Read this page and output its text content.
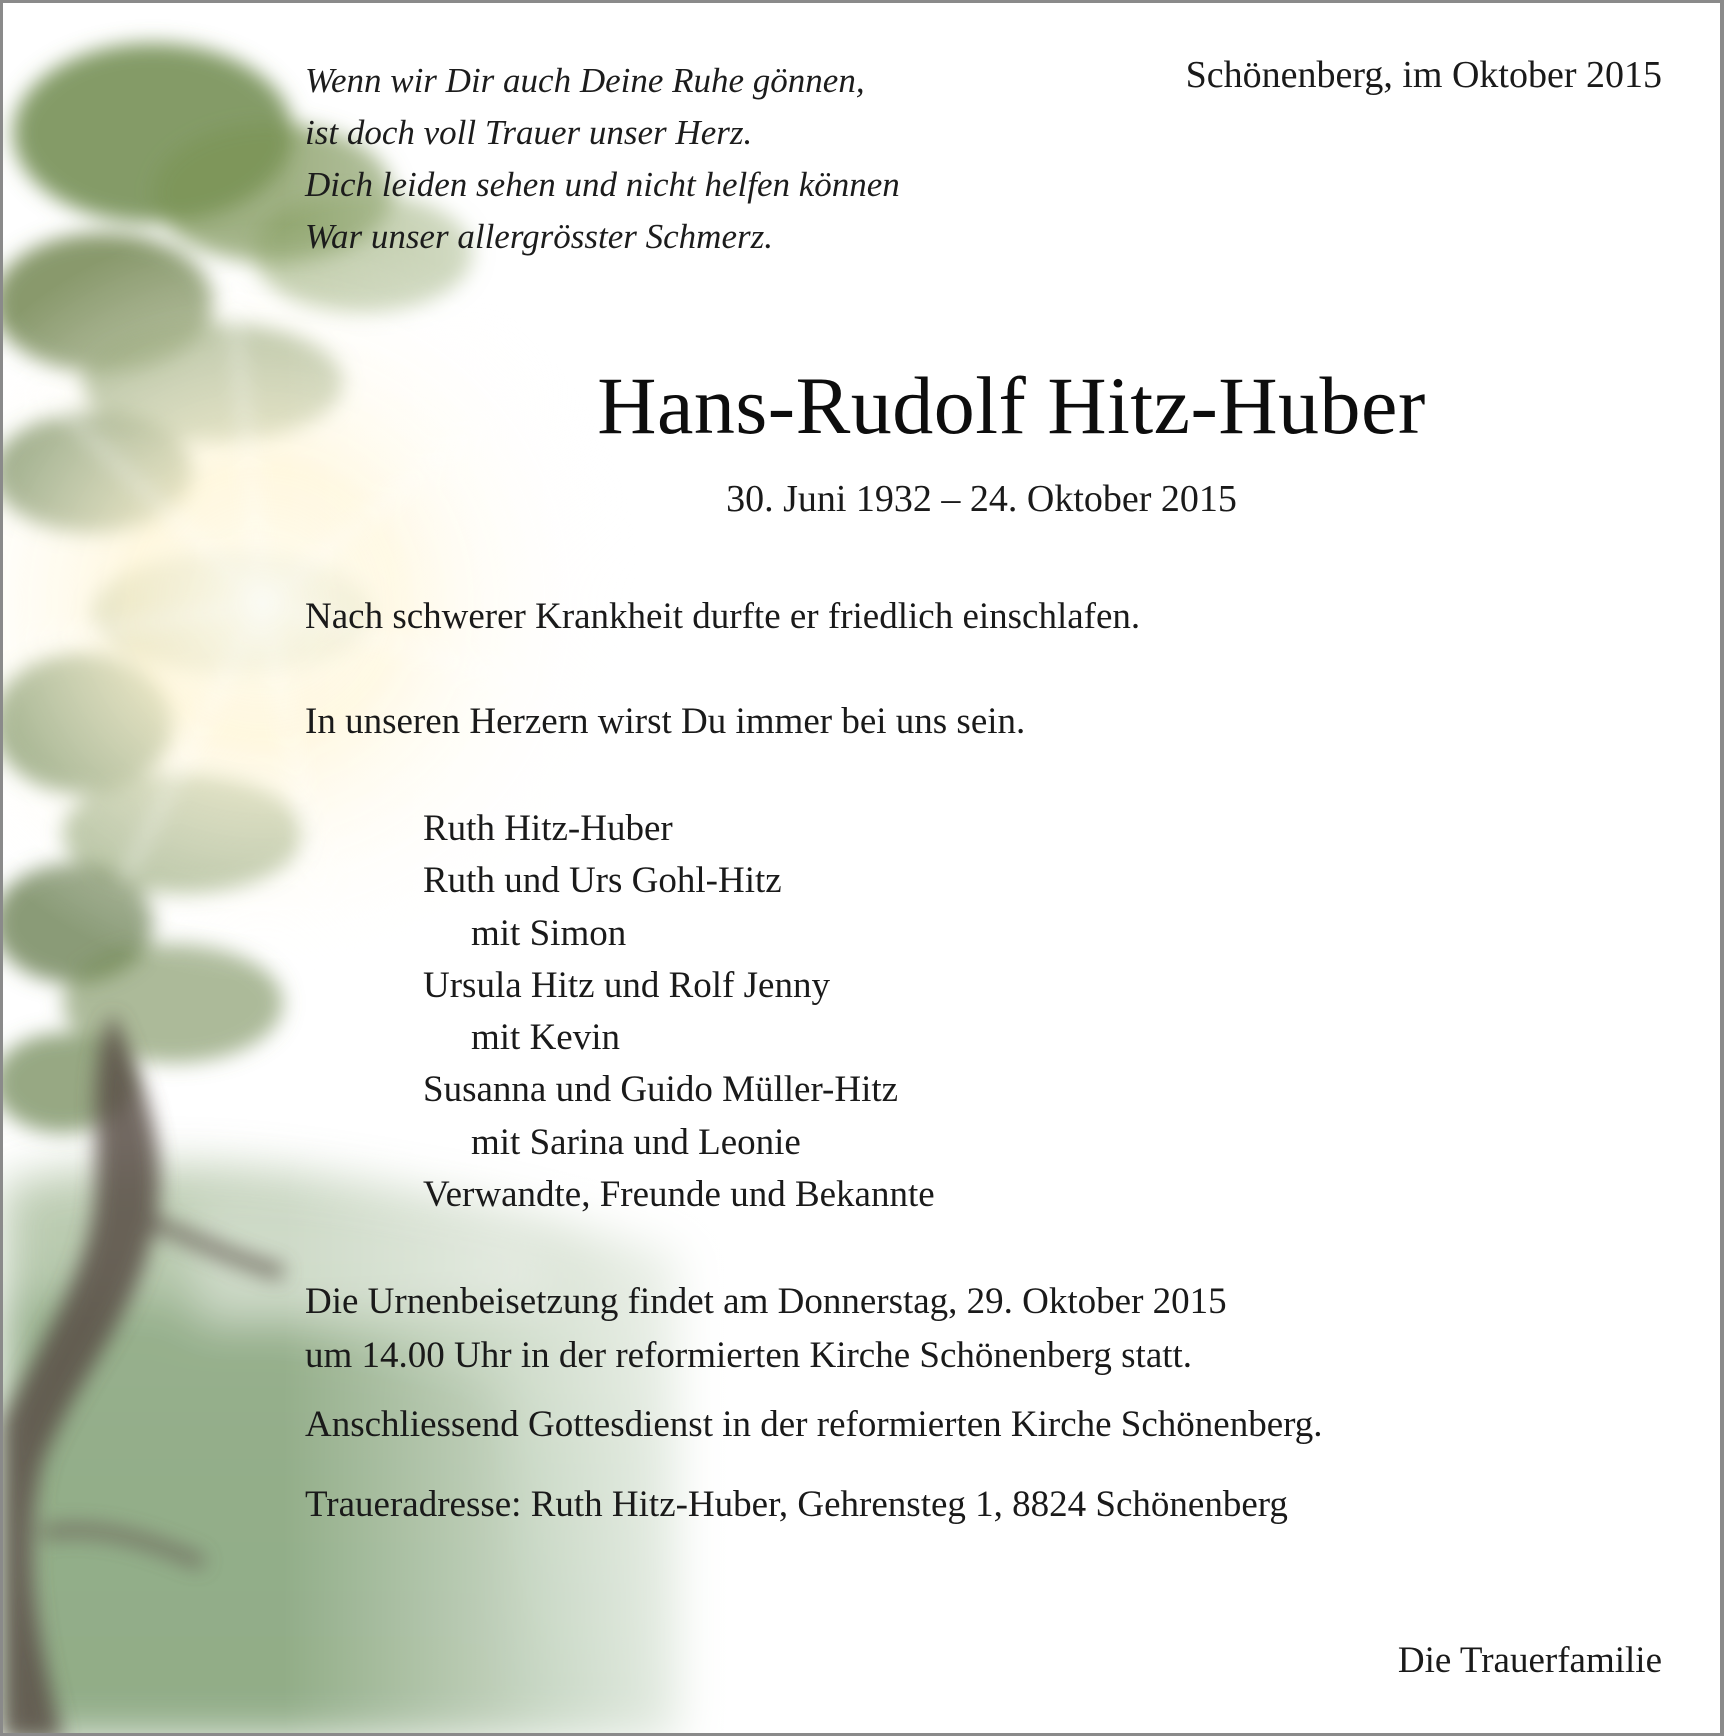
Wenn wir Dir auch Deine Ruhe gönnen,
ist doch voll Trauer unser Herz.
Dich leiden sehen und nicht helfen können
War unser allergrösster Schmerz.
Schönenberg, im Oktober 2015
Hans-Rudolf Hitz-Huber
30. Juni 1932 – 24. Oktober 2015
Nach schwerer Krankheit durfte er friedlich einschlafen.
In unseren Herzern wirst Du immer bei uns sein.
Ruth Hitz-Huber
Ruth und Urs Gohl-Hitz
mit Simon
Ursula Hitz und Rolf Jenny
mit Kevin
Susanna und Guido Müller-Hitz
mit Sarina und Leonie
Verwandte, Freunde und Bekannte
Die Urnenbeisetzung findet am Donnerstag, 29. Oktober 2015
um 14.00 Uhr in der reformierten Kirche Schönenberg statt.
Anschliessend Gottesdienst in der reformierten Kirche Schönenberg.
Traueradresse: Ruth Hitz-Huber, Gehrensteg 1, 8824 Schönenberg
Die Trauerfamilie
